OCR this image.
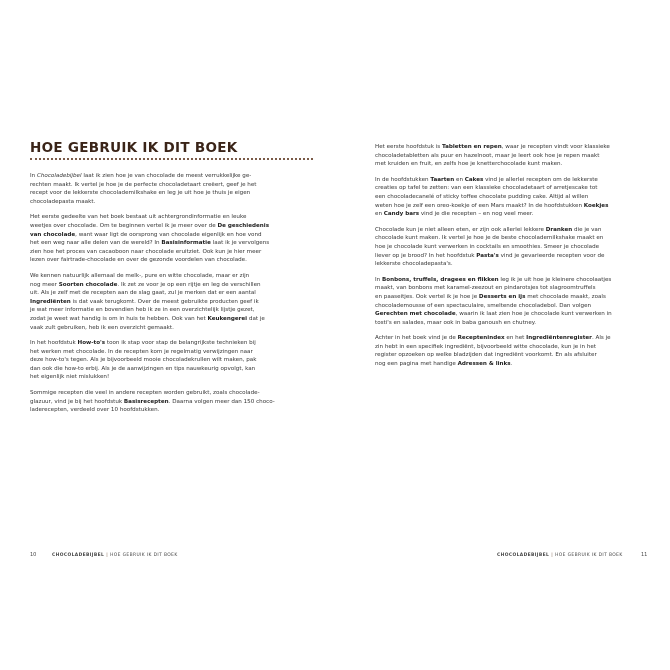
HOE GEBRUIK IK DIT BOEK

In Chocoladebijbel laat ik zien hoe je van chocolade de meest verrukkelijke ge-
rechten maakt. Ik vertel je hoe je de perfecte chocoladetaart creëert, geef je het
recept voor de lekkerste chocolademilkshake en leg je uit hoe je thuis je eigen
chocoladepasta maakt.

Het eerste gedeelte van het boek bestaat uit achtergrondinformatie en leuke
weetjes over chocolade. Om te beginnen vertel ik je meer over de De geschiedenis
van chocolade, want waar ligt de oorsprong van chocolade eigenlijk en hoe vond
het een weg naar alle delen van de wereld? In Basisinformatie laat ik je vervolgens
zien hoe het proces van cacaoboon naar chocolade eruitziet. Ook kun je hier meer
lezen over fairtrade-chocolade en over de gezonde voordelen van chocolade.

We kennen natuurlijk allemaal de melk-, pure en witte chocolade, maar er zijn
nog meer Soorten chocolade. Ik zet ze voor je op een rijtje en leg de verschillen
uit. Als je zelf met de recepten aan de slag gaat, zul je merken dat er een aantal
Ingrediënten is dat vaak terugkomt. Over de meest gebruikte producten geef ik
je wat meer informatie en bovendien heb ik ze in een overzichtelijk lijstje gezet,
zodat je weet wat handig is om in huis te hebben. Ook van het Keukengerei dat je
vaak zult gebruiken, heb ik een overzicht gemaakt.

In het hoofdstuk How-to's toon ik stap voor stap de belangrijkste technieken bij
het werken met chocolade. In de recepten kom je regelmatig verwijzingen naar
deze how-to's tegen. Als je bijvoorbeeld mooie chocoladekrullen wilt maken, pak
dan ook die how-to erbij. Als je de aanwijzingen en tips nauwkeurig opvolgt, kan
het eigenlijk niet mislukken!

Sommige recepten die veel in andere recepten worden gebruikt, zoals chocolade-
glazuur, vind je bij het hoofdstuk Basisrecepten. Daarna volgen meer dan 150 choco-
laderecepten, verdeeld over 10 hoofdstukken.

10	CHOCOLADEBIJBEL | HOE GEBRUIK IK DIT BOEK

Het eerste hoofdstuk is Tabletten en repen, waar je recepten vindt voor klassieke
chocoladetabletten als puur en hazelnoot, maar je leert ook hoe je repen maakt
met kruiden en fruit, en zelfs hoe je knetterchocolade kunt maken.

In de hoofdstukken Taarten en Cakes vind je allerlei recepten om de lekkerste
creaties op tafel te zetten: van een klassieke chocoladetaart of arretjescake tot
een chocoladecanelé of sticky toffee chocolate pudding cake. Altijd al willen
weten hoe je zelf een oreo-koekje of een Mars maakt? In de hoofdstukken Koekjes
en Candy bars vind je die recepten – en nog veel meer.

Chocolade kun je niet alleen eten, er zijn ook allerlei lekkere Dranken die je van
chocolade kunt maken. Ik vertel je hoe je de beste chocolademilkshake maakt en
hoe je chocolade kunt verwerken in cocktails en smoothies. Smeer je chocolade
liever op je brood? In het hoofdstuk Pasta's vind je gevarieerde recepten voor de
lekkerste chocoladepasta's.

In Bonbons, truffels, dragees en flikken leg ik je uit hoe je kleinere chocolaatjes
maakt, van bonbons met karamel-zeezout en pindarotsjes tot slagroomtruffels
en paaseitjes. Ook vertel ik je hoe je Desserts en ijs met chocolade maakt, zoals
chocolademousse of een spectaculaire, smeltende chocoladebol. Dan volgen
Gerechten met chocolade, waarin ik laat zien hoe je chocolade kunt verwerken in
tosti's en salades, maar ook in baba ganoush en chutney.

Achter in het boek vind je de Receptenindex en het Ingrediëntenregister. Als je
zin hebt in een specifiek ingrediënt, bijvoorbeeld witte chocolade, kun je in het
register opzoeken op welke bladzijden dat ingrediënt voorkomt. En als afsluiter
nog een pagina met handige Adressen & links.

CHOCOLADEBIJBEL | HOE GEBRUIK IK DIT BOEK	11
